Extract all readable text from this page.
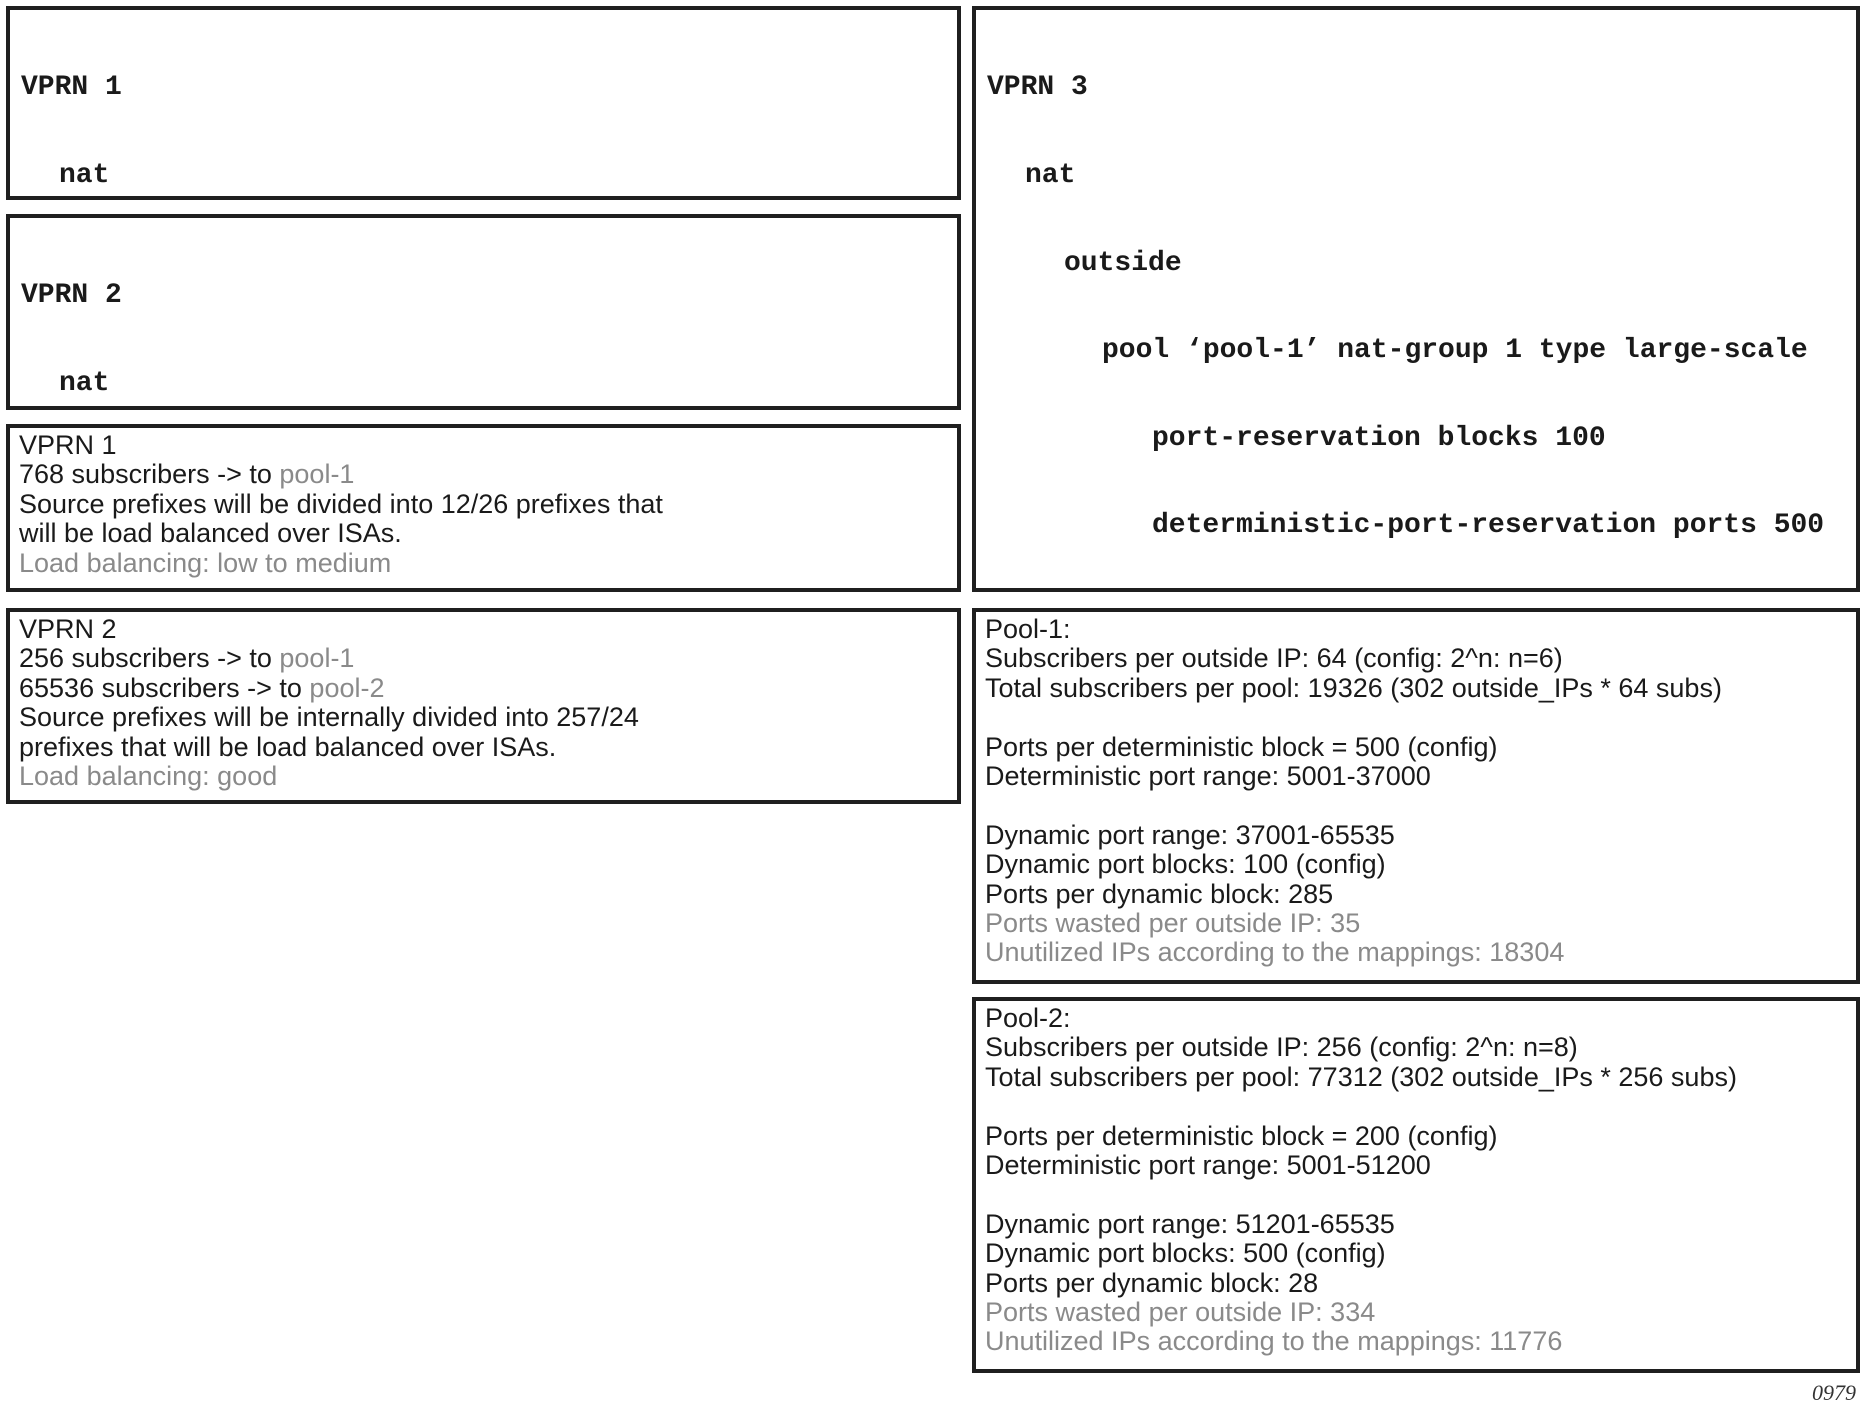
VPRN 1

nat

VPRN 2

nat

VPRN 3

nat

outside

pool ‘pool-1’ nat-group 1 type large-scale

port-reservation blocks 100

deterministic-port-reservation ports 500

VPRN 1
768 subscribers -> to pool-1
Source prefixes will be divided into 12/26 prefixes that
will be load balanced over ISAs.
Load balancing: low to medium
VPRN 2
256 subscribers -> to pool-1
65536 subscribers -> to pool-2
Source prefixes will be internally divided into 257/24
prefixes that will be load balanced over ISAs.
Load balancing: good
Pool-1:
Subscribers per outside IP: 64 (config: 2^n: n=6)
Total subscribers per pool: 19326 (302 outside_IPs * 64 subs)
Ports per deterministic block = 500 (config)
Deterministic port range: 5001-37000
Dynamic port range: 37001-65535
Dynamic port blocks: 100 (config)
Ports per dynamic block: 285
Ports wasted per outside IP: 35
Unutilized IPs according to the mappings: 18304
Pool-2:
Subscribers per outside IP: 256 (config: 2^n: n=8)
Total subscribers per pool: 77312 (302 outside_IPs * 256 subs)
Ports per deterministic block = 200 (config)
Deterministic port range: 5001-51200
Dynamic port range: 51201-65535
Dynamic port blocks: 500 (config)
Ports per dynamic block: 28
Ports wasted per outside IP: 334
Unutilized IPs according to the mappings: 11776
0979
